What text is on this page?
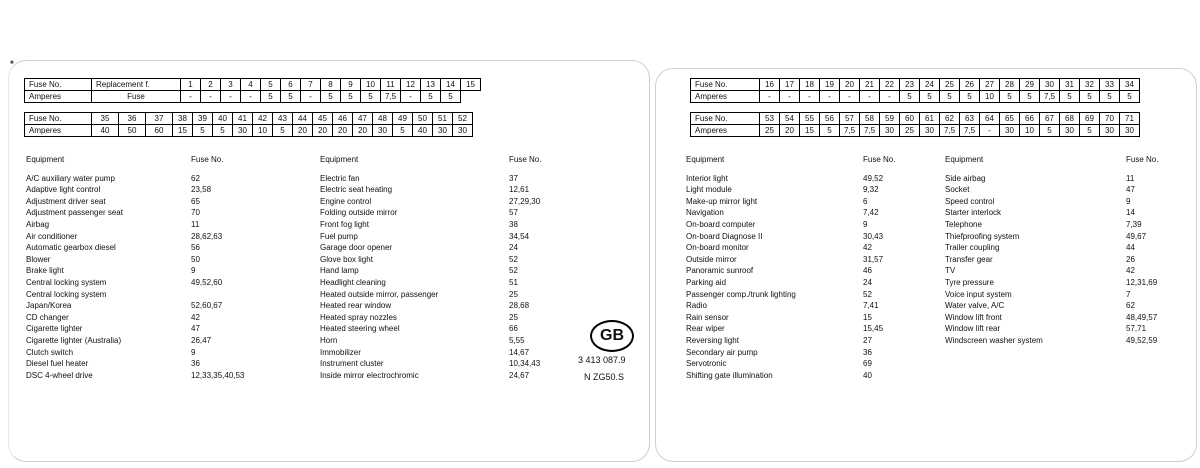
■
Fuse No.	Replacement f.	1	2	3	4	5	6	7	8	9	10	11	12	13	14	15
Amperes	Fuse	-	-	-	-	5	5	-	5	5	5	7,5	-	5	5	
Fuse No.	35	36	37	38	39	40	41	42	43	44	45	46	47	48	49	50	51	52
Amperes	40	50	60	15	5	5	30	10	5	20	20	20	20	30	5	40	30	30
Fuse No.	16	17	18	19	20	21	22	23	24	25	26	27	28	29	30	31	32	33	34
Amperes	-	-	-	-	-	-	-	5	5	5	5	10	5	5	7,5	5	5	5	5
Fuse No.	53	54	55	56	57	58	59	60	61	62	63	64	65	66	67	68	69	70	71
Amperes	25	20	15	5	7,5	7,5	30	25	30	7,5	7,5	-	30	10	5	30	5	30	30
Equipment	Fuse No.
A/C auxiliary water pump	62
Adaptive light control	23,58
Adjustment driver seat	65
Adjustment passenger seat	70
Airbag	11
Air conditioner	28,62,63
Automatic gearbox diesel	56
Blower	50
Brake light	9
Central locking system	49,52,60
Central locking system
Japan/Korea	52,60,67
CD changer	42
Cigarette lighter	47
Cigarette lighter (Australia)	26,47
Clutch switch	9
Diesel fuel heater	36
DSC 4-wheel drive	12,33,35,40,53
Equipment	Fuse No.
Electric fan	37
Electric seat heating	12,61
Engine control	27,29,30
Folding outside mirror	57
Front fog light	38
Fuel pump	34,54
Garage door opener	24
Glove box light	52
Hand lamp	52
Headlight cleaning	51
Heated outside mirror, passenger	25
Heated rear window	28,68
Heated spray nozzles	25
Heated steering wheel	66
Horn	5,55
Immobilizer	14,67
Instrument cluster	10,34,43
Inside mirror electrochromic	24,67
Equipment	Fuse No.
Interior light	49,52
Light module	9,32
Make-up mirror light	6
Navigation	7,42
On-board computer	9
On-board Diagnose II	30,43
On-board monitor	42
Outside mirror	31,57
Panoramic sunroof	46
Parking aid	24
Passenger comp./trunk lighting	52
Radio	7,41
Rain sensor	15
Rear wiper	15,45
Reversing light	27
Secondary air pump	36
Servotronic	69
Shifting gate illumination	40
Equipment	Fuse No.
Side airbag	11
Socket	47
Speed control	9
Starter interlock	14
Telephone	7,39
Thiefproofing system	49,67
Trailer coupling	44
Transfer gear	26
TV	42
Tyre pressure	12,31,69
Voice input system	7
Water valve, A/C	62
Window lift front	48,49,57
Window lift rear	57,71
Windscreen washer system	49,52,59
GB
3 413 087.9
N ZG50.S
